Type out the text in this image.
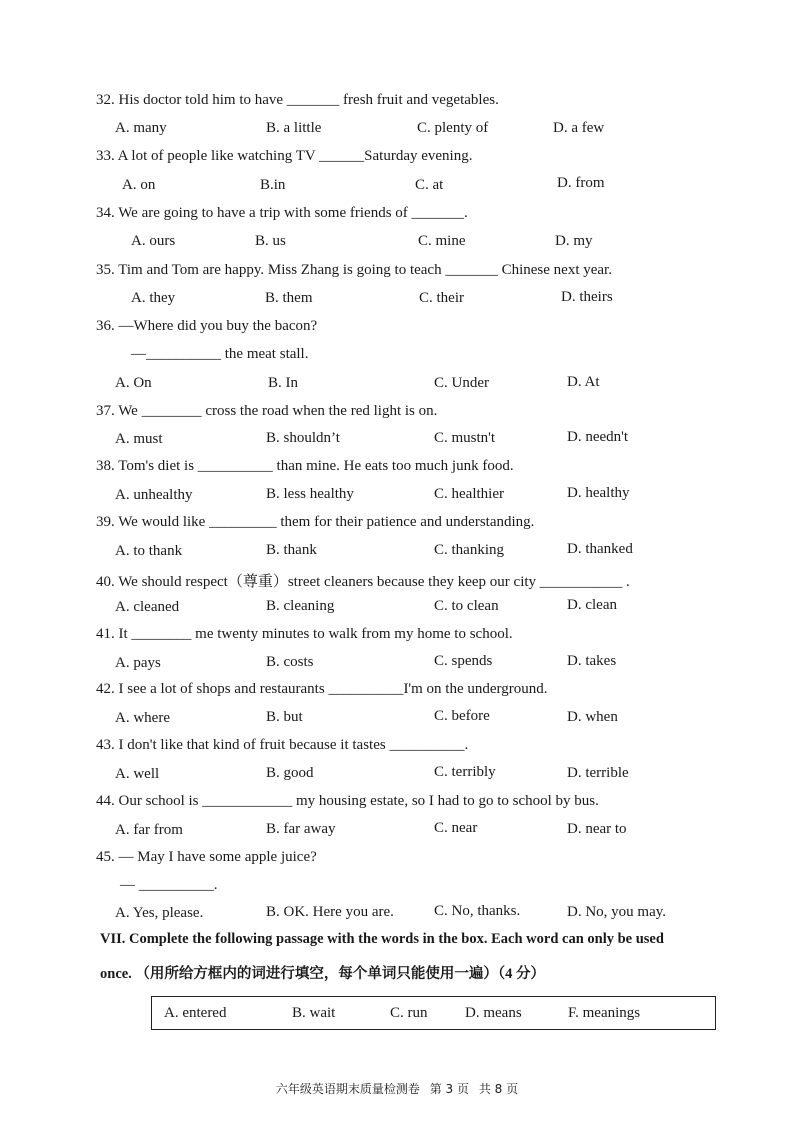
32. His doctor told him to have _______ fresh fruit and vegetables.
A. many	B. a little	C. plenty of	D. a few
33. A lot of people like watching TV ______Saturday evening.
A. on	B.in	C. at	D. from
34. We are going to have a trip with some friends of _______.
A. ours	B. us	C. mine	D. my
35. Tim and Tom are happy. Miss Zhang is going to teach _______ Chinese next year.
A. they	B. them	C. their	D. theirs
36. —Where did you buy the bacon?
—__________ the meat stall.
A. On	B. In	C. Under	D. At
37. We ________ cross the road when the red light is on.
A. must	B. shouldn’t	C. mustn't	D. needn't
38. Tom's diet is __________ than mine. He eats too much junk food.
A. unhealthy	B. less healthy	C. healthier	D. healthy
39. We would like _________ them for their patience and understanding.
A. to thank	B. thank	C. thanking	D. thanked
40. We should respect（尊重）street cleaners because they keep our city ___________ .
A. cleaned	B. cleaning	C. to clean	D. clean
41. It ________ me twenty minutes to walk from my home to school.
A. pays	B. costs	C. spends	D. takes
42. I see a lot of shops and restaurants __________I'm on the underground.
A. where	B. but	C. before	D. when
43. I don't like that kind of fruit because it tastes __________.
A. well	B. good	C. terribly	D. terrible
44. Our school is ____________ my housing estate, so I had to go to school by bus.
A. far from	B. far away	C. near	D. near to
45. — May I have some apple juice?
— __________.
A. Yes, please.	B. OK. Here you are.	C. No, thanks.	D. No, you may.
VII. Complete the following passage with the words in the box. Each word can only be used
once. （用所给方框内的词进行填空，每个单词只能使用一遍）（4 分）
A. entered	B. wait	C. run	D. means	F. meanings
六年级英语期末质量检测卷 第 3 页 共 8 页
